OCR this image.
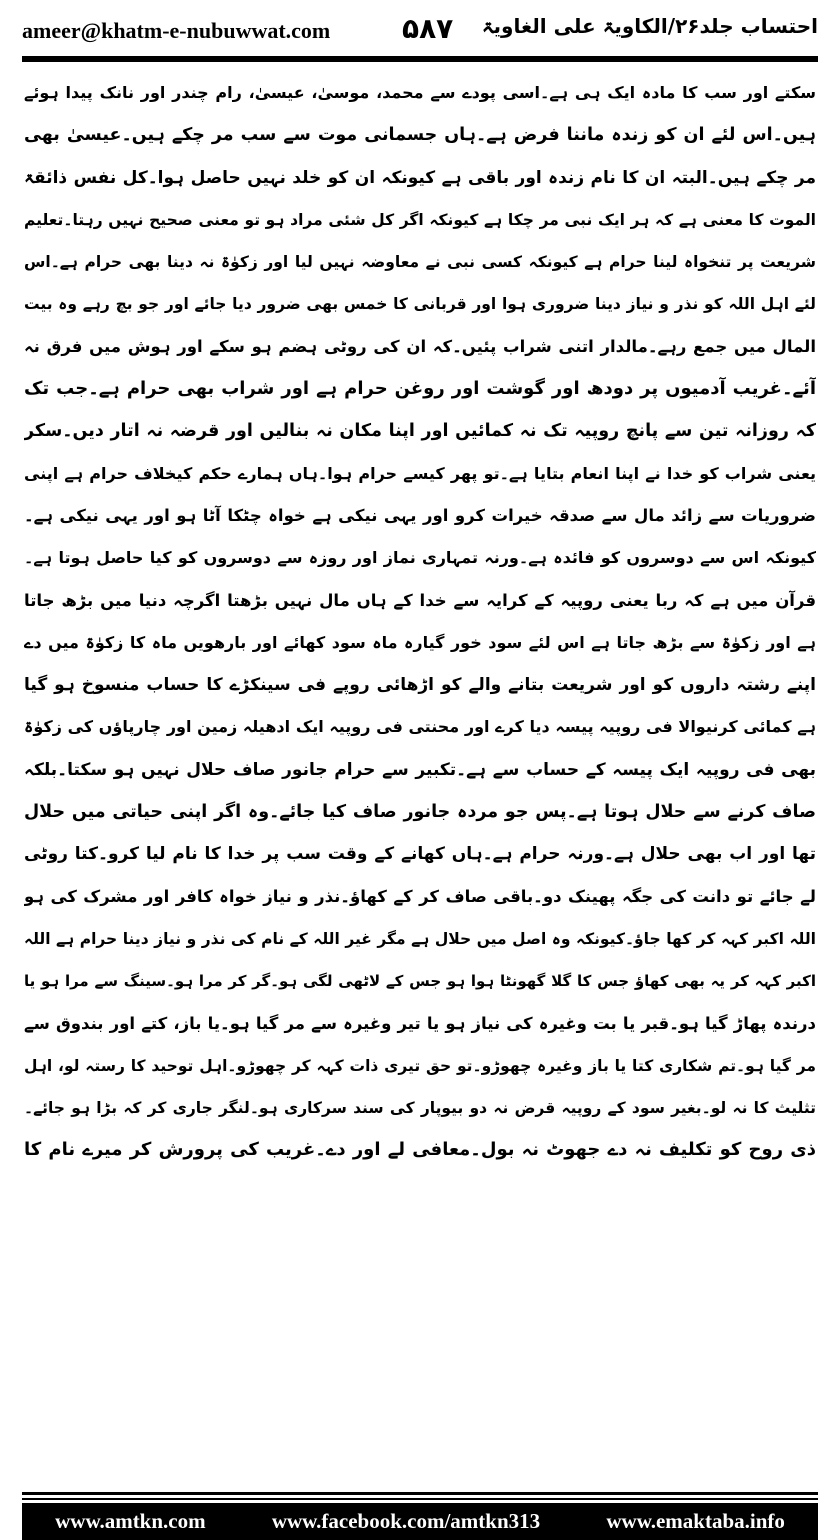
ameer@khatm-e-nubuwwat.com	۵۸۷ احتساب جلد۲۶/الکاویۃ علی الغاویۃ
سکتے اور سب کا مادہ ایک ہی ہے۔اسی پودے سے محمد، موسیٰ، عیسیٰ، رام چندر اور نانک پیدا ہوئے
ہیں۔اس لئے ان کو زندہ ماننا فرض ہے۔ہاں جسمانی موت سے سب مر چکے ہیں۔عیسیٰ بھی
مر چکے ہیں۔البتہ ان کا نام زندہ اور باقی ہے کیونکہ ان کو خلد نہیں حاصل ہوا۔کل نفس ذائقۃ
الموت کا معنی ہے کہ ہر ایک نبی مر چکا ہے کیونکہ اگر کل شئی مراد ہو تو معنی صحیح نہیں رہتا۔تعلیم
شریعت پر تنخواہ لینا حرام ہے کیونکہ کسی نبی نے معاوضہ نہیں لیا اور زکوٰۃ نہ دینا بھی حرام ہے۔اس
لئے اہل اللہ کو نذر و نیاز دینا ضروری ہوا اور قربانی کا خمس بھی ضرور دیا جائے اور جو بچ رہے وہ بیت
المال میں جمع رہے۔مالدار اتنی شراب پئیں۔کہ ان کی روٹی ہضم ہو سکے اور ہوش میں فرق نہ
آئے۔غریب آدمیوں پر دودھ اور گوشت اور روغن حرام ہے اور شراب بھی حرام ہے۔جب تک
کہ روزانہ تین سے پانچ روپیہ تک نہ کمائیں اور اپنا مکان نہ بنالیں اور قرضہ نہ اتار دیں۔سکر
یعنی شراب کو خدا نے اپنا انعام بتایا ہے۔تو پھر کیسے حرام ہوا۔ہاں ہمارے حکم کیخلاف حرام ہے اپنی
ضروریات سے زائد مال سے صدقہ خیرات کرو اور یہی نیکی ہے خواہ چٹکا آٹا ہو اور یہی نیکی ہے۔
کیونکہ اس سے دوسروں کو فائدہ ہے۔ورنہ تمہاری نماز اور روزہ سے دوسروں کو کیا حاصل ہوتا ہے۔
قرآن میں ہے کہ ربا یعنی روپیہ کے کرایہ سے خدا کے ہاں مال نہیں بڑھتا اگرچہ دنیا میں بڑھ جاتا
ہے اور زکوٰۃ سے بڑھ جاتا ہے اس لئے سود خور گیارہ ماہ سود کھائے اور بارھویں ماہ کا زکوٰۃ میں دے
اپنے رشتہ داروں کو اور شریعت بتانے والے کو اڑھائی روپے فی سینکڑے کا حساب منسوخ ہو گیا
ہے کمائی کرنیوالا فی روپیہ پیسہ دیا کرے اور محنتی فی روپیہ ایک ادھیلہ زمین اور چارپاؤں کی زکوٰۃ
بھی فی روپیہ ایک پیسہ کے حساب سے ہے۔تکبیر سے حرام جانور صاف حلال نہیں ہو سکتا۔بلکہ
صاف کرنے سے حلال ہوتا ہے۔پس جو مردہ جانور صاف کیا جائے۔وہ اگر اپنی حیاتی میں حلال
تھا اور اب بھی حلال ہے۔ورنہ حرام ہے۔ہاں کھانے کے وقت سب پر خدا کا نام لیا کرو۔کتا روٹی
لے جائے تو دانت کی جگہ پھینک دو۔باقی صاف کر کے کھاؤ۔نذر و نیاز خواہ کافر اور مشرک کی ہو
اللہ اکبر کہہ کر کھا جاؤ۔کیونکہ وہ اصل میں حلال ہے مگر غیر اللہ کے نام کی نذر و نیاز دینا حرام ہے اللہ
اکبر کہہ کر یہ بھی کھاؤ جس کا گلا گھونٹا ہوا ہو جس کے لاٹھی لگی ہو۔گر کر مرا ہو۔سینگ سے مرا ہو یا
درندہ پھاڑ گیا ہو۔قبر یا بت وغیرہ کی نیاز ہو یا تیر وغیرہ سے مر گیا ہو۔یا باز، کتے اور بندوق سے
مر گیا ہو۔تم شکاری کتا یا باز وغیرہ چھوڑو۔تو حق تیری ذات کہہ کر چھوڑو۔اہل توحید کا رستہ لو، اہل
تثلیث کا نہ لو۔بغیر سود کے روپیہ قرض نہ دو بیوپار کی سند سرکاری ہو۔لنگر جاری کر کہ بڑا ہو جائے۔
ذی روح کو تکلیف نہ دے جھوٹ نہ بول۔معافی لے اور دے۔غریب کی پرورش کر میرے نام کا
www.amtkn.com	www.facebook.com/amtkn313	www.emaktaba.info
